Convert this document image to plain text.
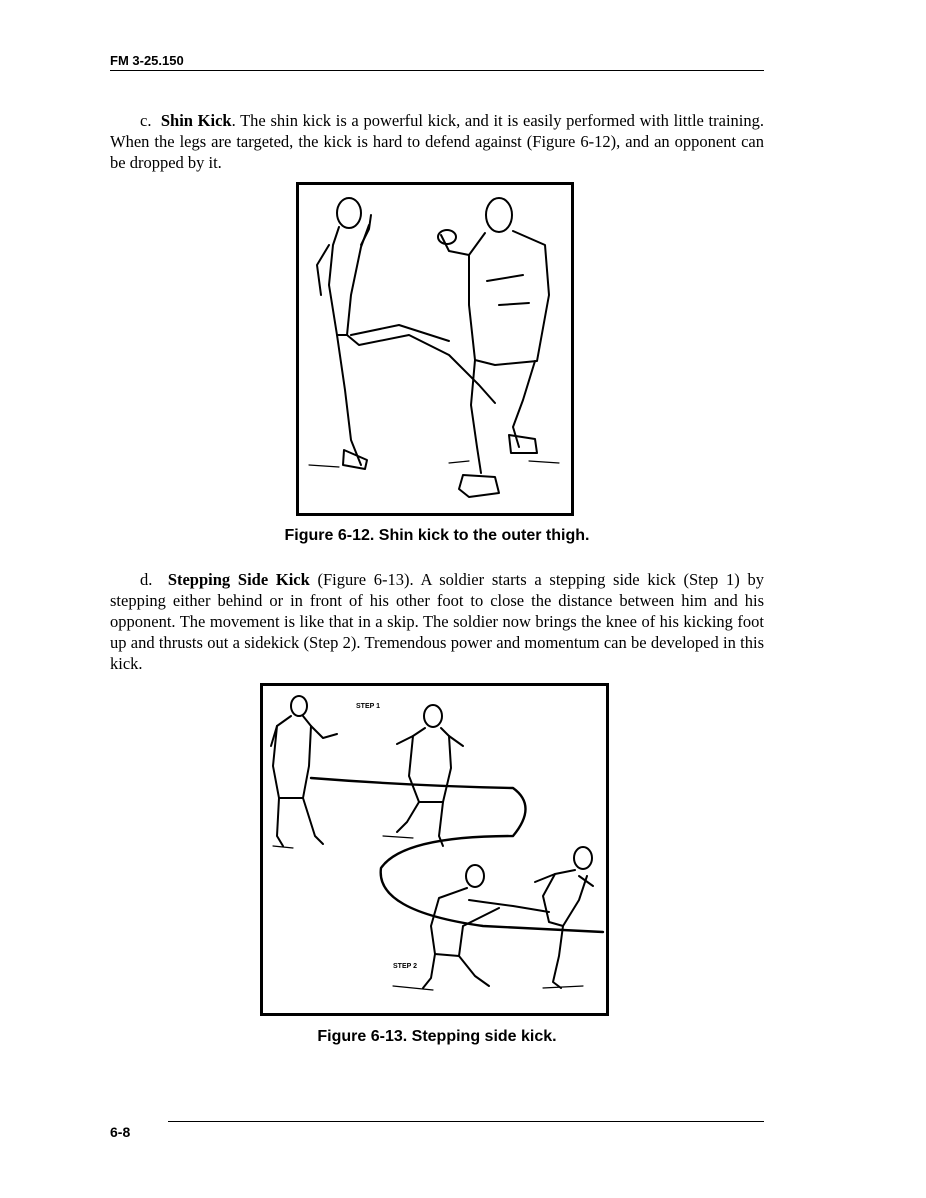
FM 3-25.150

c. Shin Kick. The shin kick is a powerful kick, and it is easily performed with little training. When the legs are targeted, the kick is hard to defend against (Figure 6-12), and an opponent can be dropped by it.

Figure 6-12. Shin kick to the outer thigh.

d. Stepping Side Kick (Figure 6-13). A soldier starts a stepping side kick (Step 1) by stepping either behind or in front of his other foot to close the distance between him and his opponent. The movement is like that in a skip. The soldier now brings the knee of his kicking foot up and thrusts out a sidekick (Step 2). Tremendous power and momentum can be developed in this kick.

STEP 1
STEP 2

Figure 6-13. Stepping side kick.

6-8
